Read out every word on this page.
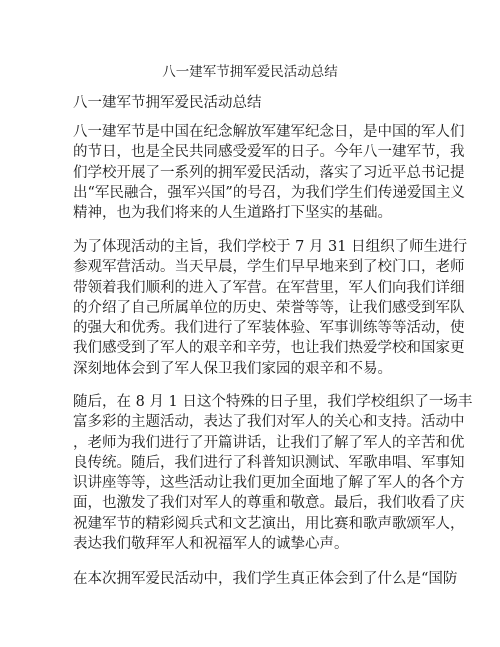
八一建军节拥军爱民活动总结
八一建军节拥军爱民活动总结
八一建军节是中国在纪念解放军建军纪念日，是中国的军人们
的节日，也是全民共同感受爱军的日子。今年八一建军节，我
们学校开展了一系列的拥军爱民活动，落实了习近平总书记提
出“军民融合，强军兴国”的号召，为我们学生们传递爱国主义
精神，也为我们将来的人生道路打下坚实的基础。
为了体现活动的主旨，我们学校于 7 月 31 日组织了师生进行
参观军营活动。当天早晨，学生们早早地来到了校门口，老师
带领着我们顺利的进入了军营。在军营里，军人们向我们详细
的介绍了自己所属单位的历史、荣誉等等，让我们感受到军队
的强大和优秀。我们进行了军装体验、军事训练等等活动，使
我们感受到了军人的艰辛和辛劳，也让我们热爱学校和国家更
深刻地体会到了军人保卫我们家园的艰辛和不易。
随后，在 8 月 1 日这个特殊的日子里，我们学校组织了一场丰
富多彩的主题活动，表达了我们对军人的关心和支持。活动中
，老师为我们进行了开篇讲话，让我们了解了军人的辛苦和优
良传统。随后，我们进行了科普知识测试、军歌串唱、军事知
识讲座等等，这些活动让我们更加全面地了解了军人的各个方
面，也激发了我们对军人的尊重和敬意。最后，我们收看了庆
祝建军节的精彩阅兵式和文艺演出，用比赛和歌声歌颂军人，
表达我们敬拜军人和祝福军人的诚挚心声。
在本次拥军爱民活动中，我们学生真正体会到了什么是“国防
